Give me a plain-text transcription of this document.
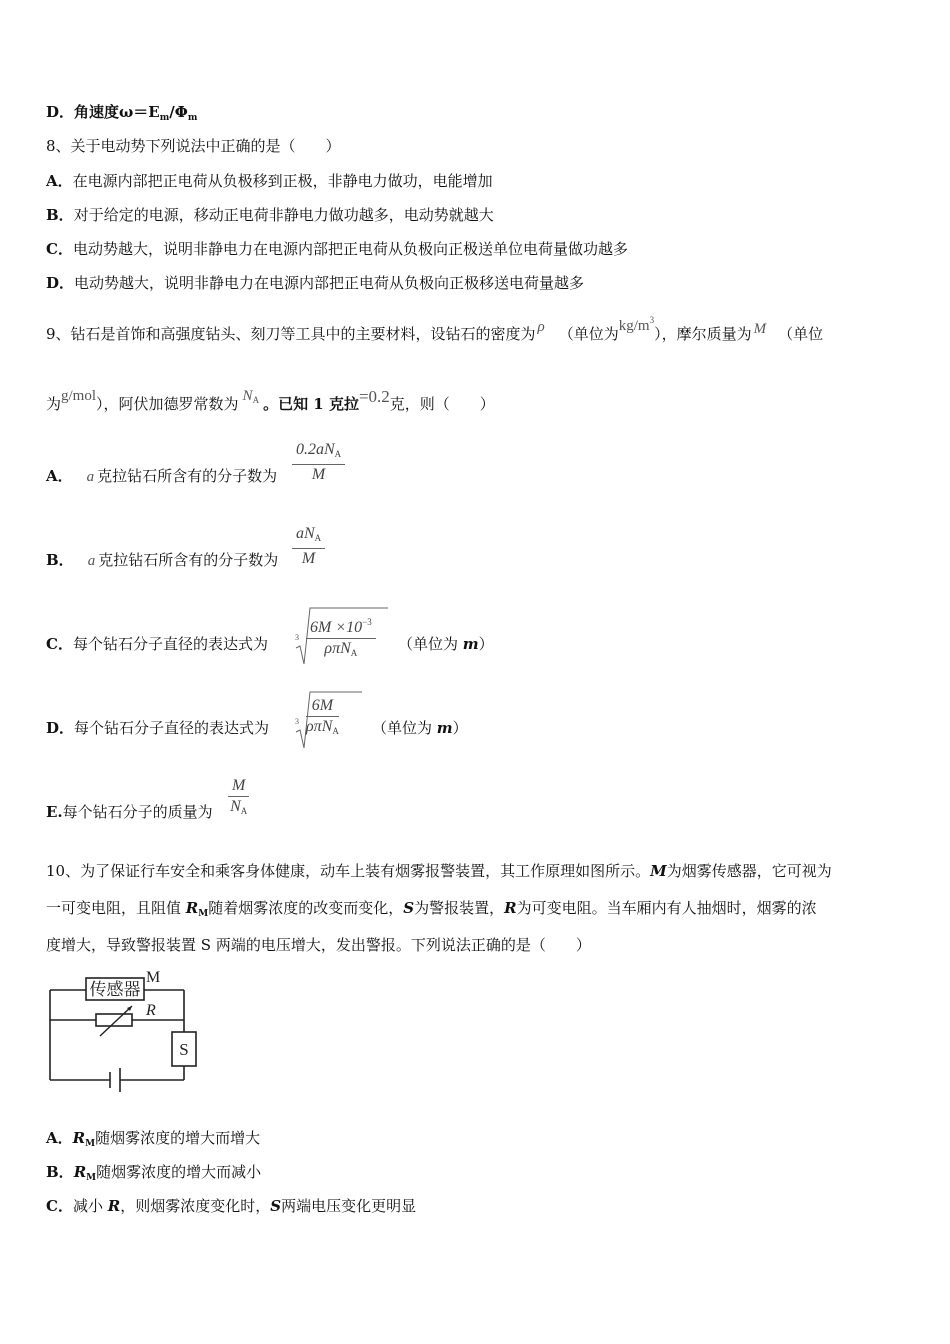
D．角速度$\omega=E_m/\Phi_m$
8、关于电动势下列说法中正确的是（　　）
A．在电源内部把正电荷从负极移到正极，非静电力做功，电能增加
B．对于给定的电源，移动正电荷非静电力做功越多，电动势就越大
C．电动势越大，说明非静电力在电源内部把正电荷从负极向正极送单位电荷量做功越多
D．电动势越大，说明非静电力在电源内部把正电荷从负极向正极移送电荷量越多
9、钻石是首饰和高强度钻头、刻刀等工具中的主要材料，设钻石的密度为 ρ （单位为$kg/m^3$），摩尔质量为 M （单位
为g/mol），阿伏加德罗常数为 $N_A$ 。已知 1 克拉=0.2克，则（　　）
A． a 克拉钻石所含有的分子数为
$0.2aN_A$
M
B． a 克拉钻石所含有的分子数为
$aN_A$
M
C．每个钻石分子直径的表达式为	3
$6M \times 10^{-3}$
ρπN$_A$	（单位为 m）
D．每个钻石分子直径的表达式为	3
6M
ρπN$_A$ （单位为 m）
E.每个钻石分子的质量为
M
$N_A$
10、为了保证行车安全和乘客身体健康，动车上装有烟雾报警装置，其工作原理如图所示。M为烟雾传感器，它可视为
一可变电阻，且阻值 $R_M$随着烟雾浓度的改变而变化，S为警报装置，R为可变电阻。当车厢内有人抽烟时，烟雾的浓
度增大，导致警报装置 S 两端的电压增大，发出警报。下列说法正确的是（　　）
传感器
M
R
S
A．$R_M$随烟雾浓度的增大而增大
B．$R_M$随烟雾浓度的增大而减小
C．减小 R，则烟雾浓度变化时，S两端电压变化更明显
